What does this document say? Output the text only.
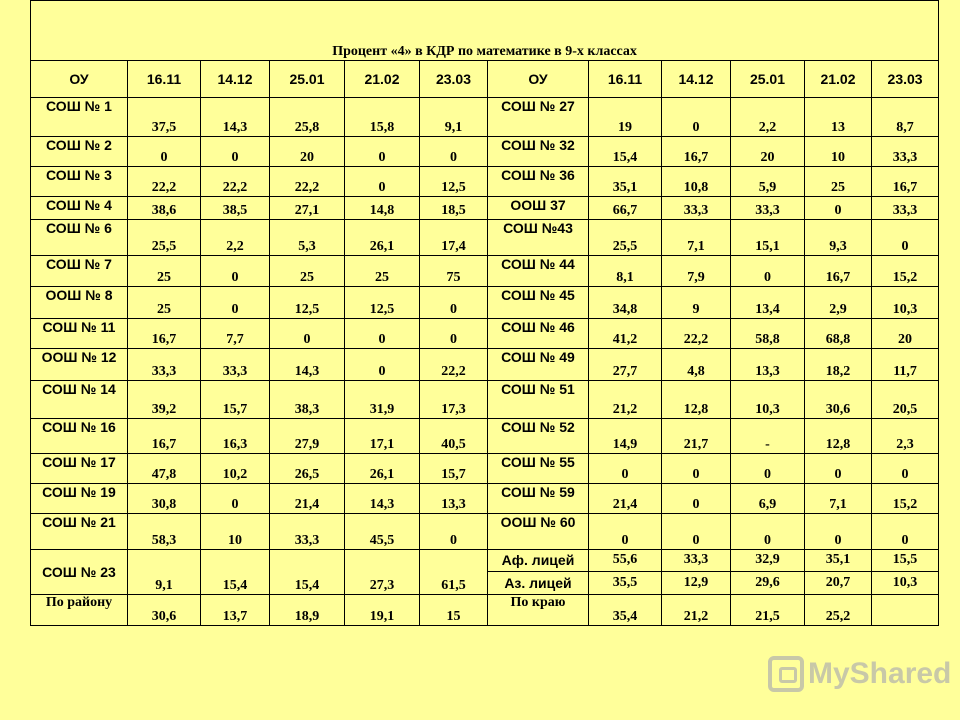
Процент «4» в КДР по математике в 9-х классах											
ОУ	16.11	14.12	25.01	21.02	23.03	ОУ	16.11	14.12	25.01	21.02	23.03
СОШ № 1	37,5	14,3	25,8	15,8	9,1	СОШ № 27	19	0	2,2	13	8,7
СОШ № 2	0	0	20	0	0	СОШ № 32	15,4	16,7	20	10	33,3
СОШ № 3	22,2	22,2	22,2	0	12,5	СОШ № 36	35,1	10,8	5,9	25	16,7
СОШ № 4	38,6	38,5	27,1	14,8	18,5	ООШ 37	66,7	33,3	33,3	0	33,3
СОШ № 6	25,5	2,2	5,3	26,1	17,4	СОШ №43	25,5	7,1	15,1	9,3	0
СОШ № 7	25	0	25	25	75	СОШ № 44	8,1	7,9	0	16,7	15,2
ООШ № 8	25	0	12,5	12,5	0	СОШ № 45	34,8	9	13,4	2,9	10,3
СОШ № 11	16,7	7,7	0	0	0	СОШ № 46	41,2	22,2	58,8	68,8	20
ООШ № 12	33,3	33,3	14,3	0	22,2	СОШ № 49	27,7	4,8	13,3	18,2	11,7
СОШ № 14	39,2	15,7	38,3	31,9	17,3	СОШ № 51	21,2	12,8	10,3	30,6	20,5
СОШ № 16	16,7	16,3	27,9	17,1	40,5	СОШ № 52	14,9	21,7	-	12,8	2,3
СОШ № 17	47,8	10,2	26,5	26,1	15,7	СОШ № 55	0	0	0	0	0
СОШ № 19	30,8	0	21,4	14,3	13,3	СОШ № 59	21,4	0	6,9	7,1	15,2
СОШ № 21	58,3	10	33,3	45,5	0	ООШ № 60	0	0	0	0	0
СОШ № 23	9,1	15,4	15,4	27,3	61,5	Аф. лицей	55,6	33,3	32,9	35,1	15,5
						Аз. лицей	35,5	12,9	29,6	20,7	10,3
По району	30,6	13,7	18,9	19,1	15	По краю	35,4	21,2	21,5	25,2	
MyShared
